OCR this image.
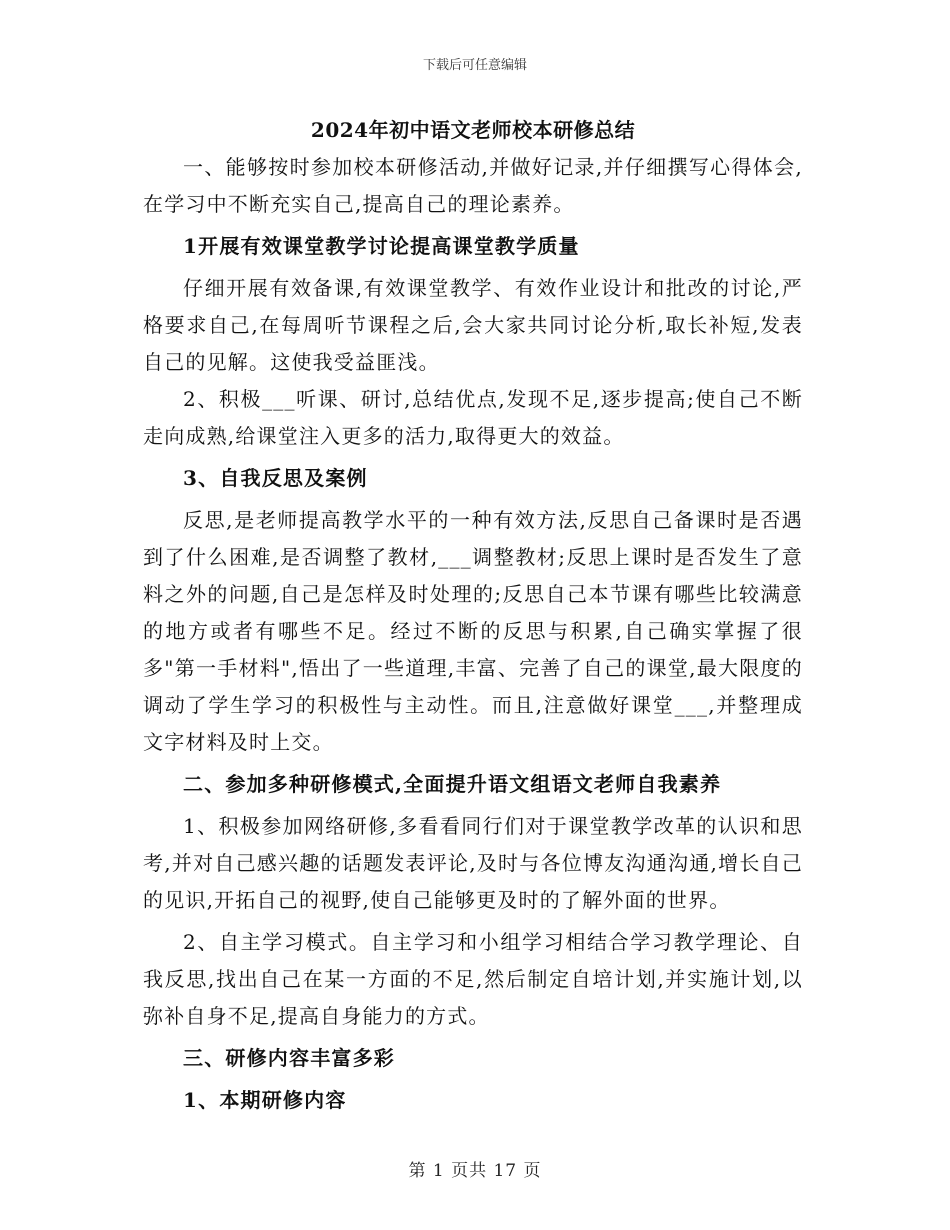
下载后可任意编辑

2024年初中语文老师校本研修总结

一、能够按时参加校本研修活动,并做好记录,并仔细撰写心得体会,在学习中不断充实自己,提高自己的理论素养。

1开展有效课堂教学讨论提高课堂教学质量

仔细开展有效备课,有效课堂教学、有效作业设计和批改的讨论,严格要求自己,在每周听节课程之后,会大家共同讨论分析,取长补短,发表自己的见解。这使我受益匪浅。

2、积极___听课、研讨,总结优点,发现不足,逐步提高;使自己不断走向成熟,给课堂注入更多的活力,取得更大的效益。

3、自我反思及案例

反思,是老师提高教学水平的一种有效方法,反思自己备课时是否遇到了什么困难,是否调整了教材,___调整教材;反思上课时是否发生了意料之外的问题,自己是怎样及时处理的;反思自己本节课有哪些比较满意的地方或者有哪些不足。经过不断的反思与积累,自己确实掌握了很多"第一手材料",悟出了一些道理,丰富、完善了自己的课堂,最大限度的调动了学生学习的积极性与主动性。而且,注意做好课堂___,并整理成文字材料及时上交。

二、参加多种研修模式,全面提升语文组语文老师自我素养

1、积极参加网络研修,多看看同行们对于课堂教学改革的认识和思考,并对自己感兴趣的话题发表评论,及时与各位博友沟通沟通,增长自己的见识,开拓自己的视野,使自己能够更及时的了解外面的世界。

2、自主学习模式。自主学习和小组学习相结合学习教学理论、自我反思,找出自己在某一方面的不足,然后制定自培计划,并实施计划,以弥补自身不足,提高自身能力的方式。

三、研修内容丰富多彩

1、本期研修内容

第 1 页共 17 页
